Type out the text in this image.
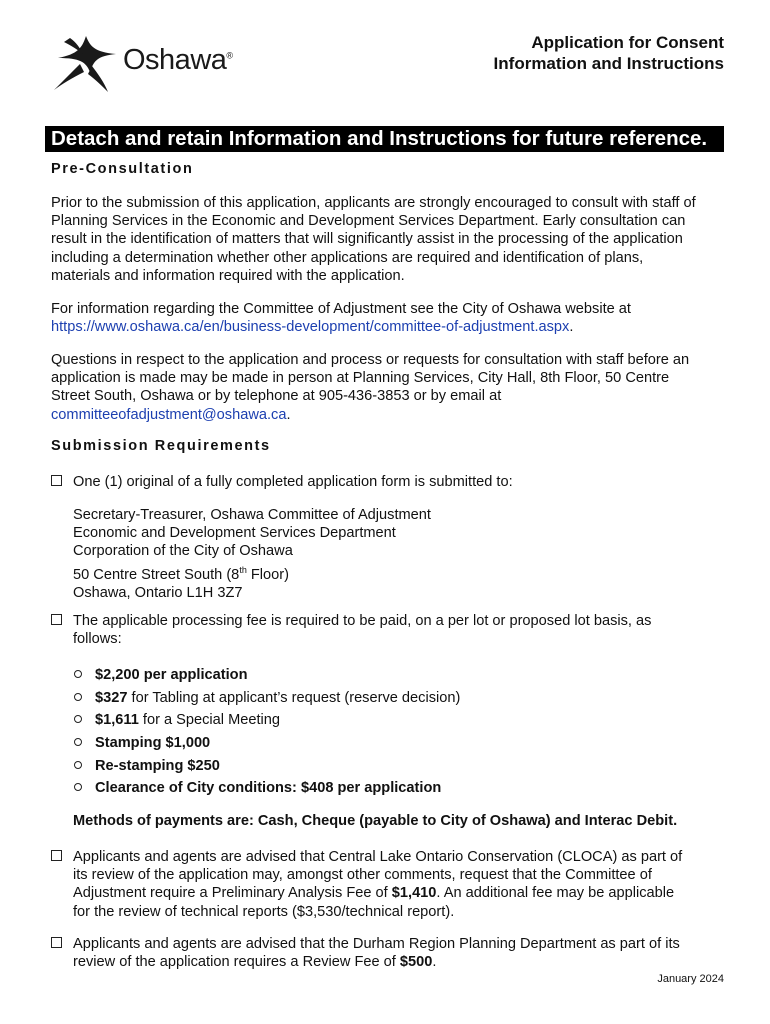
Oshawa®
Application for Consent
Information and Instructions
Detach and retain Information and Instructions for future reference.
Pre-Consultation
Prior to the submission of this application, applicants are strongly encouraged to consult with staff of
Planning Services in the Economic and Development Services Department. Early consultation can
result in the identification of matters that will significantly assist in the processing of the application
including a determination whether other applications are required and identification of plans,
materials and information required with the application.
For information regarding the Committee of Adjustment see the City of Oshawa website at
https://www.oshawa.ca/en/business-development/committee-of-adjustment.aspx.
Questions in respect to the application and process or requests for consultation with staff before an
application is made may be made in person at Planning Services, City Hall, 8th Floor, 50 Centre
Street South, Oshawa or by telephone at 905-436-3853 or by email at
committeeofadjustment@oshawa.ca.
Submission Requirements
One (1) original of a fully completed application form is submitted to:
Secretary-Treasurer, Oshawa Committee of Adjustment
Economic and Development Services Department
Corporation of the City of Oshawa
50 Centre Street South (8th Floor)
Oshawa, Ontario L1H 3Z7
The applicable processing fee is required to be paid, on a per lot or proposed lot basis, as
follows:
$2,200 per application
$327 for Tabling at applicant’s request (reserve decision)
$1,611 for a Special Meeting
Stamping $1,000
Re-stamping $250
Clearance of City conditions: $408 per application
Methods of payments are: Cash, Cheque (payable to City of Oshawa) and Interac Debit.
Applicants and agents are advised that Central Lake Ontario Conservation (CLOCA) as part of
its review of the application may, amongst other comments, request that the Committee of
Adjustment require a Preliminary Analysis Fee of $1,410. An additional fee may be applicable
for the review of technical reports ($3,530/technical report).
Applicants and agents are advised that the Durham Region Planning Department as part of its
review of the application requires a Review Fee of $500.
January 2024
